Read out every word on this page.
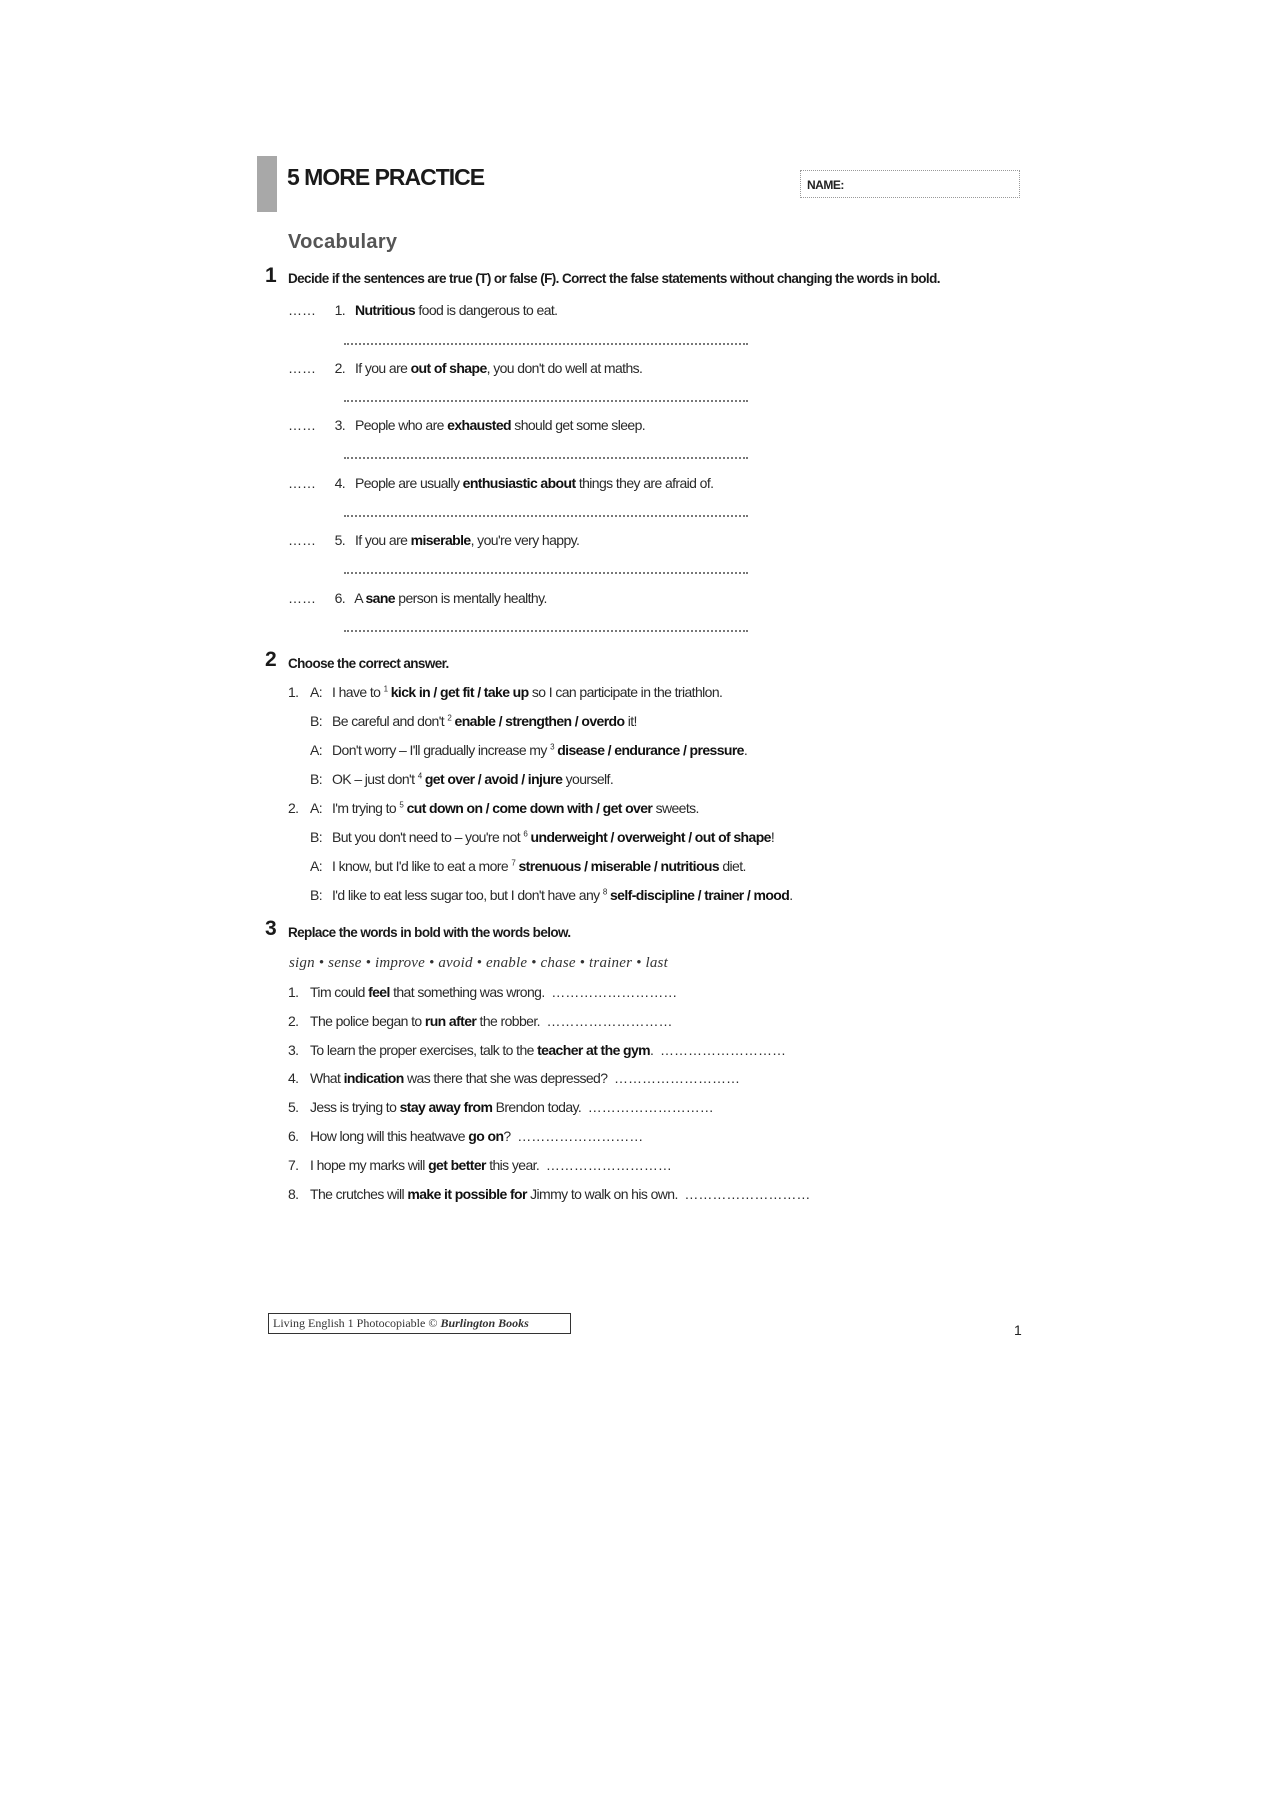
5 MORE PRACTICE	NAME:
Vocabulary
1 Decide if the sentences are true (T) or false (F). Correct the false statements without changing the words in bold.
…… 1. Nutritious food is dangerous to eat.
…… 2. If you are out of shape, you don't do well at maths.
…… 3. People who are exhausted should get some sleep.
…… 4. People are usually enthusiastic about things they are afraid of.
…… 5. If you are miserable, you're very happy.
…… 6. A sane person is mentally healthy.
2 Choose the correct answer.
1. A: I have to $^1$ kick in / get fit / take up so I can participate in the triathlon.
B: Be careful and don't $^2$ enable / strengthen / overdo it!
A: Don't worry – I'll gradually increase my $^3$ disease / endurance / pressure.
B: OK – just don't $^4$ get over / avoid / injure yourself.
2. A: I'm trying to $^5$ cut down on / come down with / get over sweets.
B: But you don't need to – you're not $^6$ underweight / overweight / out of shape!
A: I know, but I'd like to eat a more $^7$ strenuous / miserable / nutritious diet.
B: I'd like to eat less sugar too, but I don't have any $^8$ self-discipline / trainer / mood.
3 Replace the words in bold with the words below.
sign • sense • improve • avoid • enable • chase • trainer • last
1. Tim could feel that something was wrong. ………………………
2. The police began to run after the robber. ………………………
3. To learn the proper exercises, talk to the teacher at the gym. ………………………
4. What indication was there that she was depressed? ………………………
5. Jess is trying to stay away from Brendon today. ………………………
6. How long will this heatwave go on? ………………………
7. I hope my marks will get better this year. ………………………
8. The crutches will make it possible for Jimmy to walk on his own. ………………………
Living English 1 Photocopiable © Burlington Books	1
